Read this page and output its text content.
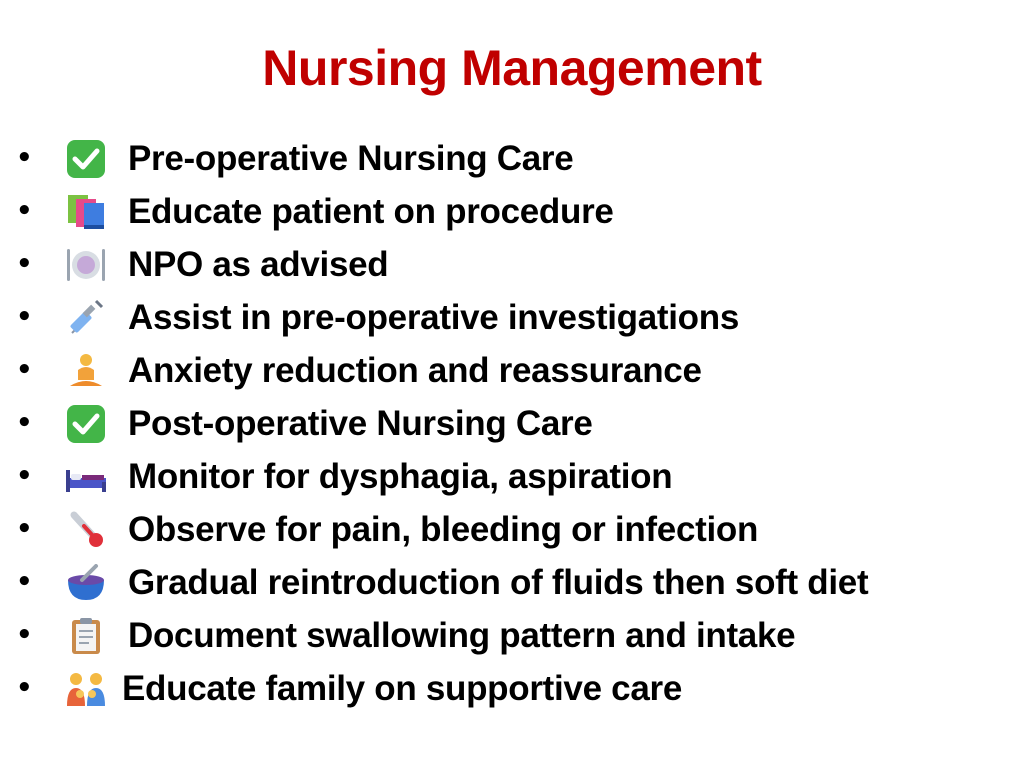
Nursing Management
•	Pre-operative Nursing Care
•	Educate patient on procedure
•	NPO as advised
•	Assist in pre-operative investigations
•	Anxiety reduction and reassurance
•	Post-operative Nursing Care
•	Monitor for dysphagia, aspiration
•	Observe for pain, bleeding or infection
•	Gradual reintroduction of fluids then soft diet
•	Document swallowing pattern and intake
•	Educate family on supportive care
